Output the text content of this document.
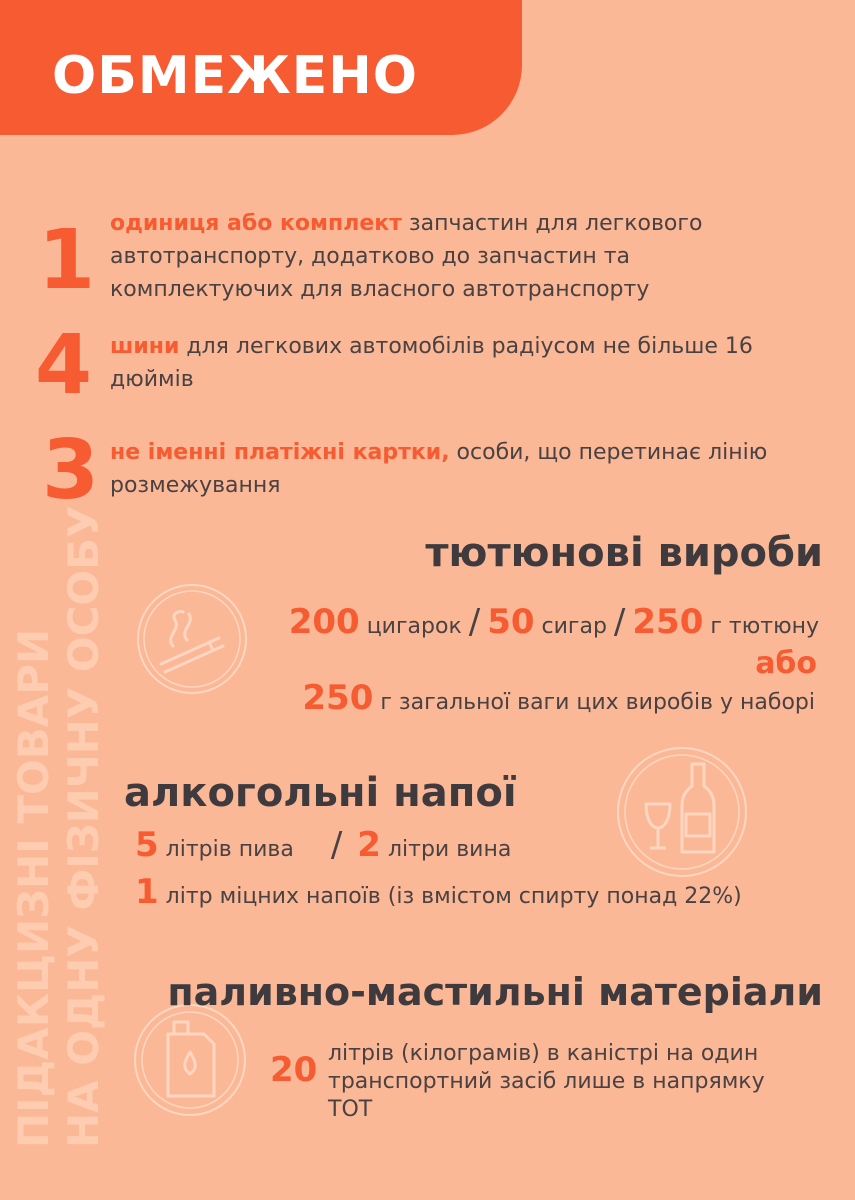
ОБМЕЖЕНО
ПІДАКЦИЗНІ ТОВАРИ НА ОДНУ ФІЗИЧНУ ОСОБУ
1 одиниця або комплект запчастин для легкового автотранспорту, додатково до запчастин та комплектуючих для власного автотранспорту
4 шини для легкових автомобілів радіусом не більше 16 дюймів
3 не іменні платіжні картки, особи, що перетинає лінію розмежування
тютюнові вироби
200 цигарок / 50 сигар / 250 г тютюну
або
250 г загальної ваги цих виробів у наборі
алкогольні напої
5 літрів пива / 2 літри вина
1 літр міцних напоїв (із вмістом спирту понад 22%)
паливно-мастильні матеріали
20 літрів (кілограмів) в каністрі на один
транспортний засіб лише в напрямку
ТОТ
